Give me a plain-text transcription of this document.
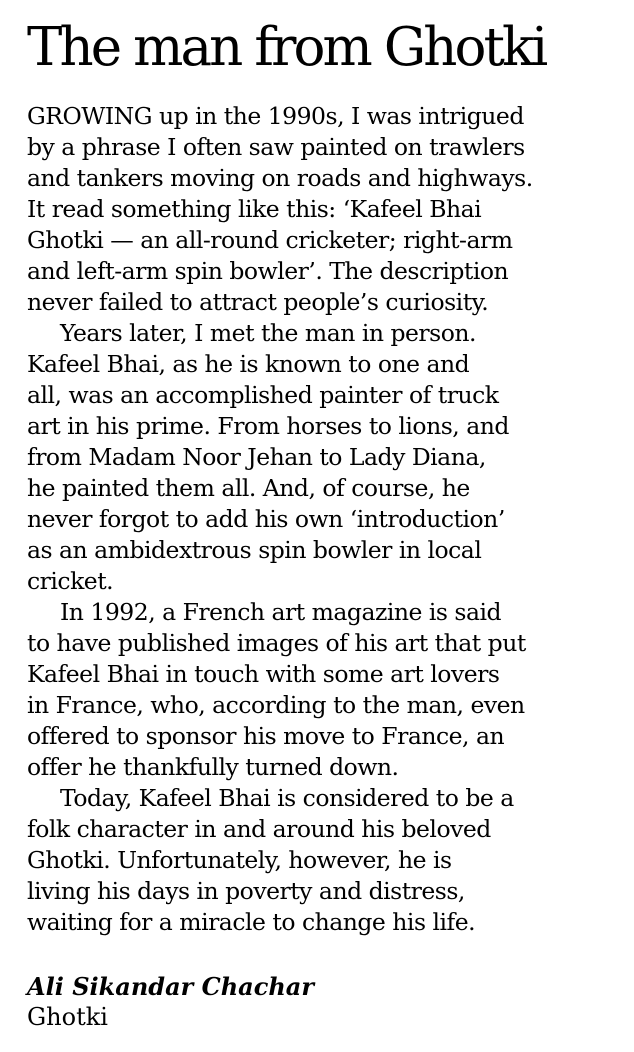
The man from Ghotki
GROWING up in the 1990s, I was intrigued
by a phrase I often saw painted on trawlers
and tankers moving on roads and highways.
It read something like this: ‘Kafeel Bhai
Ghotki — an all-round cricketer; right-arm
and left-arm spin bowler’. The description
never failed to attract people’s curiosity.
Years later, I met the man in person.
Kafeel Bhai, as he is known to one and
all, was an accomplished painter of truck
art in his prime. From horses to lions, and
from Madam Noor Jehan to Lady Diana,
he painted them all. And, of course, he
never forgot to add his own ‘introduction’
as an ambidextrous spin bowler in local
cricket.
In 1992, a French art magazine is said
to have published images of his art that put
Kafeel Bhai in touch with some art lovers
in France, who, according to the man, even
offered to sponsor his move to France, an
offer he thankfully turned down.
Today, Kafeel Bhai is considered to be a
folk character in and around his beloved
Ghotki. Unfortunately, however, he is
living his days in poverty and distress,
waiting for a miracle to change his life.
Ali Sikandar Chachar
Ghotki
